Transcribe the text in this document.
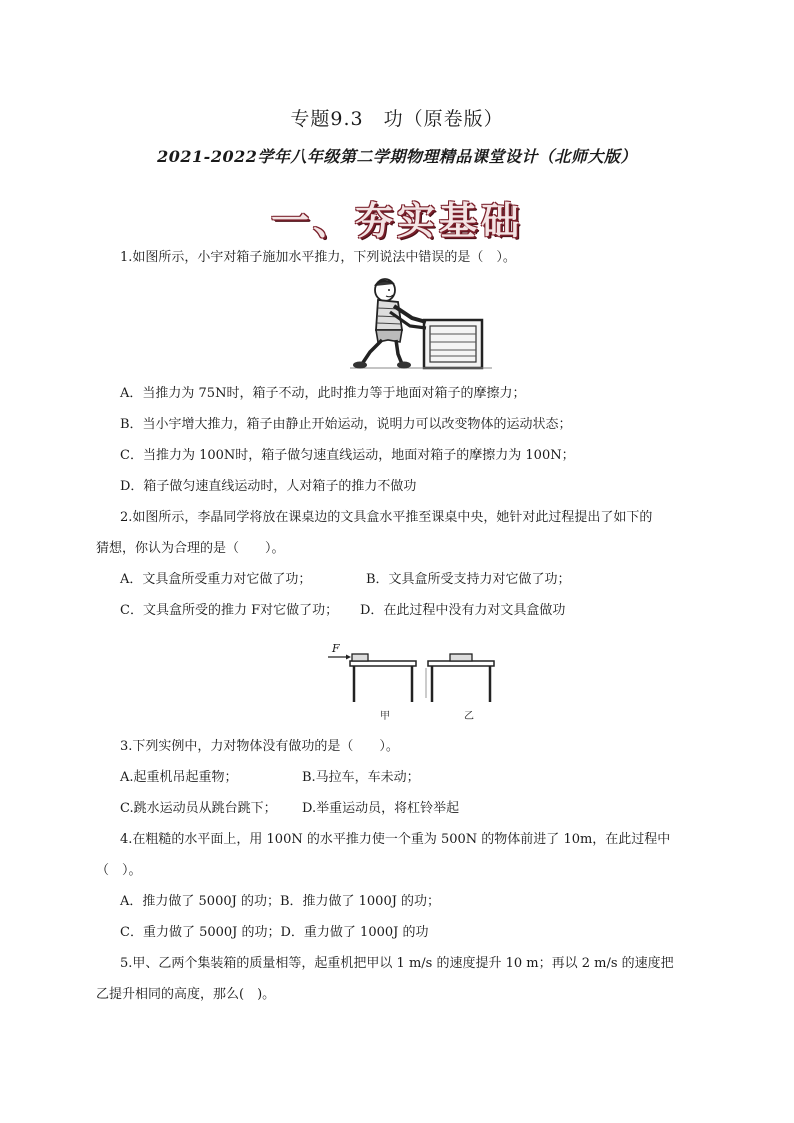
专题9.3　功（原卷版）
2021-2022学年八年级第二学期物理精品课堂设计（北师大版）
一、夯实基础
1.如图所示，小宇对箱子施加水平推力，下列说法中错误的是（　）。
A．当推力为 75N时，箱子不动，此时推力等于地面对箱子的摩擦力；
B．当小宇增大推力，箱子由静止开始运动，说明力可以改变物体的运动状态；
C．当推力为 100N时，箱子做匀速直线运动，地面对箱子的摩擦力为 100N；
D．箱子做匀速直线运动时，人对箱子的推力不做功
2.如图所示，李晶同学将放在课桌边的文具盒水平推至课桌中央，她针对此过程提出了如下的
猜想，你认为合理的是（　　）。
A．文具盒所受重力对它做了功；	B．文具盒所受支持力对它做了功；
C．文具盒所受的推力 F对它做了功； D．在此过程中没有力对文具盒做功
F
甲	乙
3.下列实例中，力对物体没有做功的是（　　）。
A.起重机吊起重物；	B.马拉车，车未动；
C.跳水运动员从跳台跳下； D.举重运动员，将杠铃举起
4.在粗糙的水平面上，用 100N 的水平推力使一个重为 500N 的物体前进了 10m，在此过程中
（　）。
A．推力做了 5000J 的功；B．推力做了 1000J 的功；
C．重力做了 5000J 的功；D．重力做了 1000J 的功
5.甲、乙两个集装箱的质量相等，起重机把甲以 1 m/s 的速度提升 10 m；再以 2 m/s 的速度把
乙提升相同的高度，那么(　)。
